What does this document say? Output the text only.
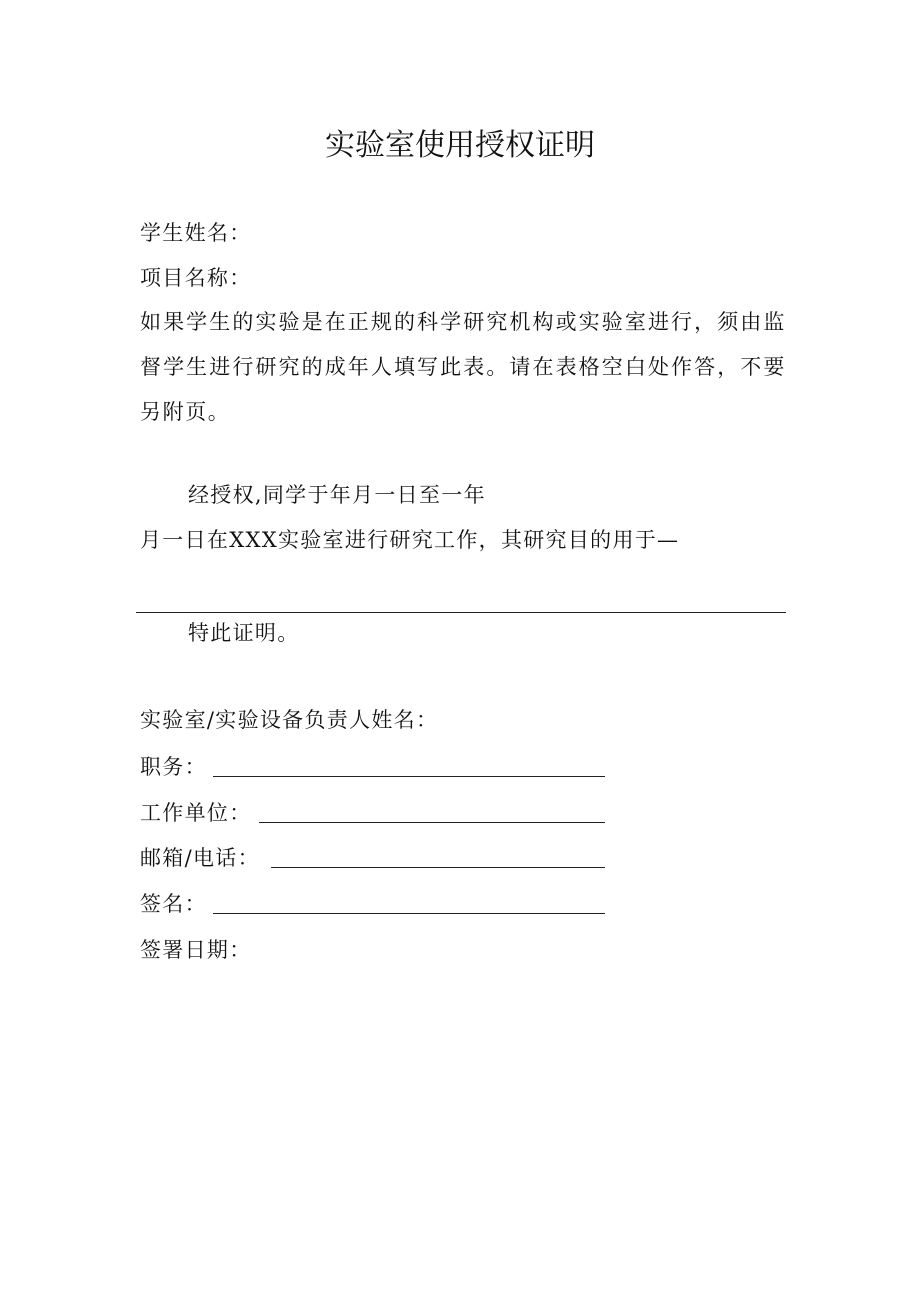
实验室使用授权证明
学生姓名：
项目名称：
如果学生的实验是在正规的科学研究机构或实验室进行，须由监督学生进行研究的成年人填写此表。请在表格空白处作答，不要另附页。
经授权,同学于年月一日至一年
月一日在XXX实验室进行研究工作，其研究目的用于—
特此证明。
实验室/实验设备负责人姓名：
职务：
工作单位：
邮箱/电话：
签名：
签署日期：
